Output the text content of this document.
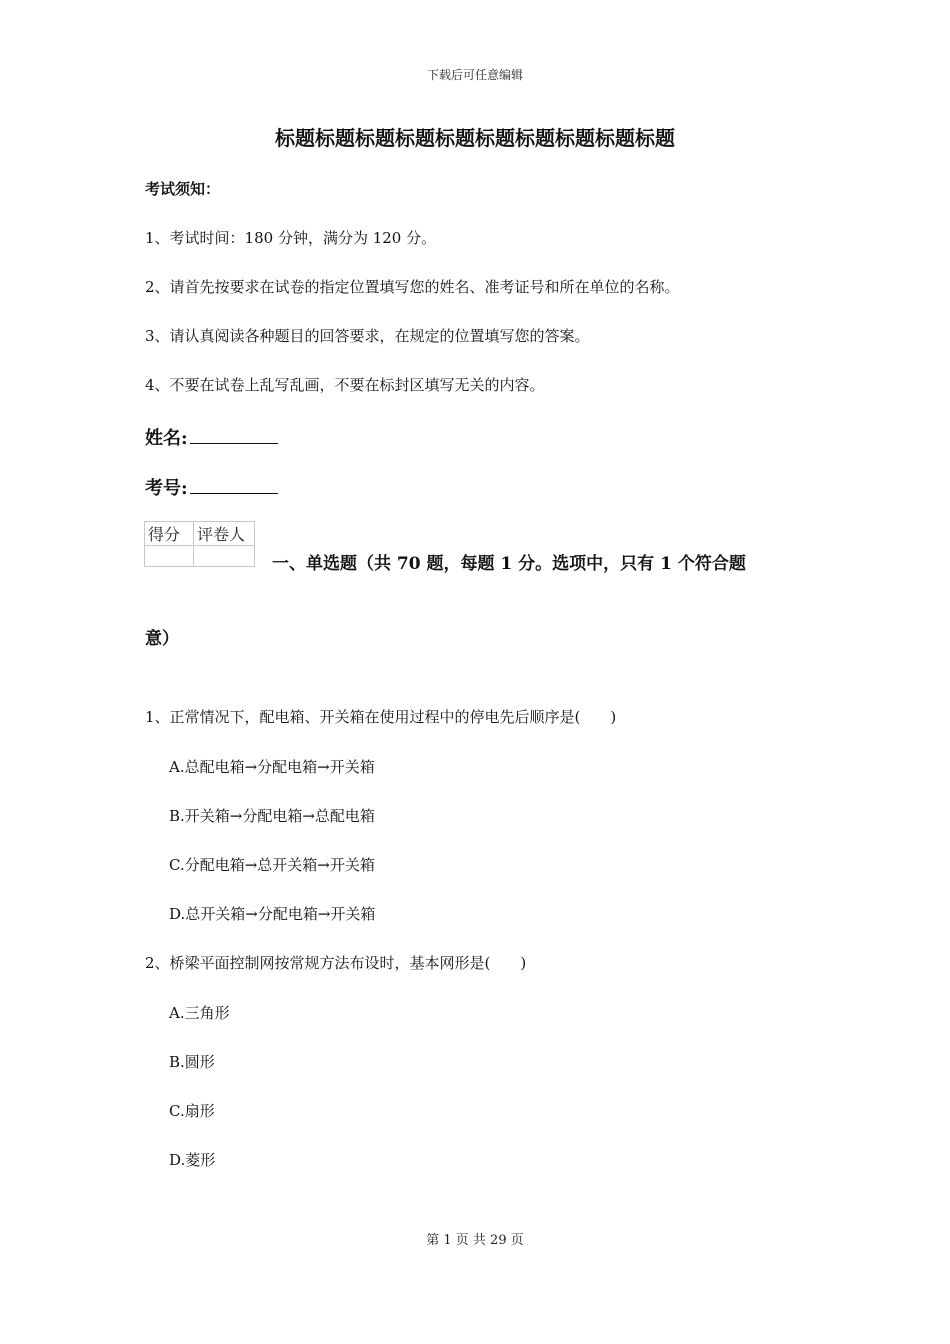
下载后可任意编辑
标题标题标题标题标题标题标题标题标题标题
考试须知：
1、考试时间：180 分钟，满分为 120 分。
2、请首先按要求在试卷的指定位置填写您的姓名、准考证号和所在单位的名称。
3、请认真阅读各种题目的回答要求，在规定的位置填写您的答案。
4、不要在试卷上乱写乱画，不要在标封区填写无关的内容。
姓名:
考号:
得分	评卷人

一、单选题（共 70 题，每题 1 分。选项中，只有 1 个符合题
意）
1、正常情况下，配电箱、开关箱在使用过程中的停电先后顺序是(　　)
A.总配电箱→分配电箱→开关箱
B.开关箱→分配电箱→总配电箱
C.分配电箱→总开关箱→开关箱
D.总开关箱→分配电箱→开关箱
2、桥梁平面控制网按常规方法布设时，基本网形是(　　)
A.三角形
B.圆形
C.扇形
D.菱形
第 1 页 共 29 页
